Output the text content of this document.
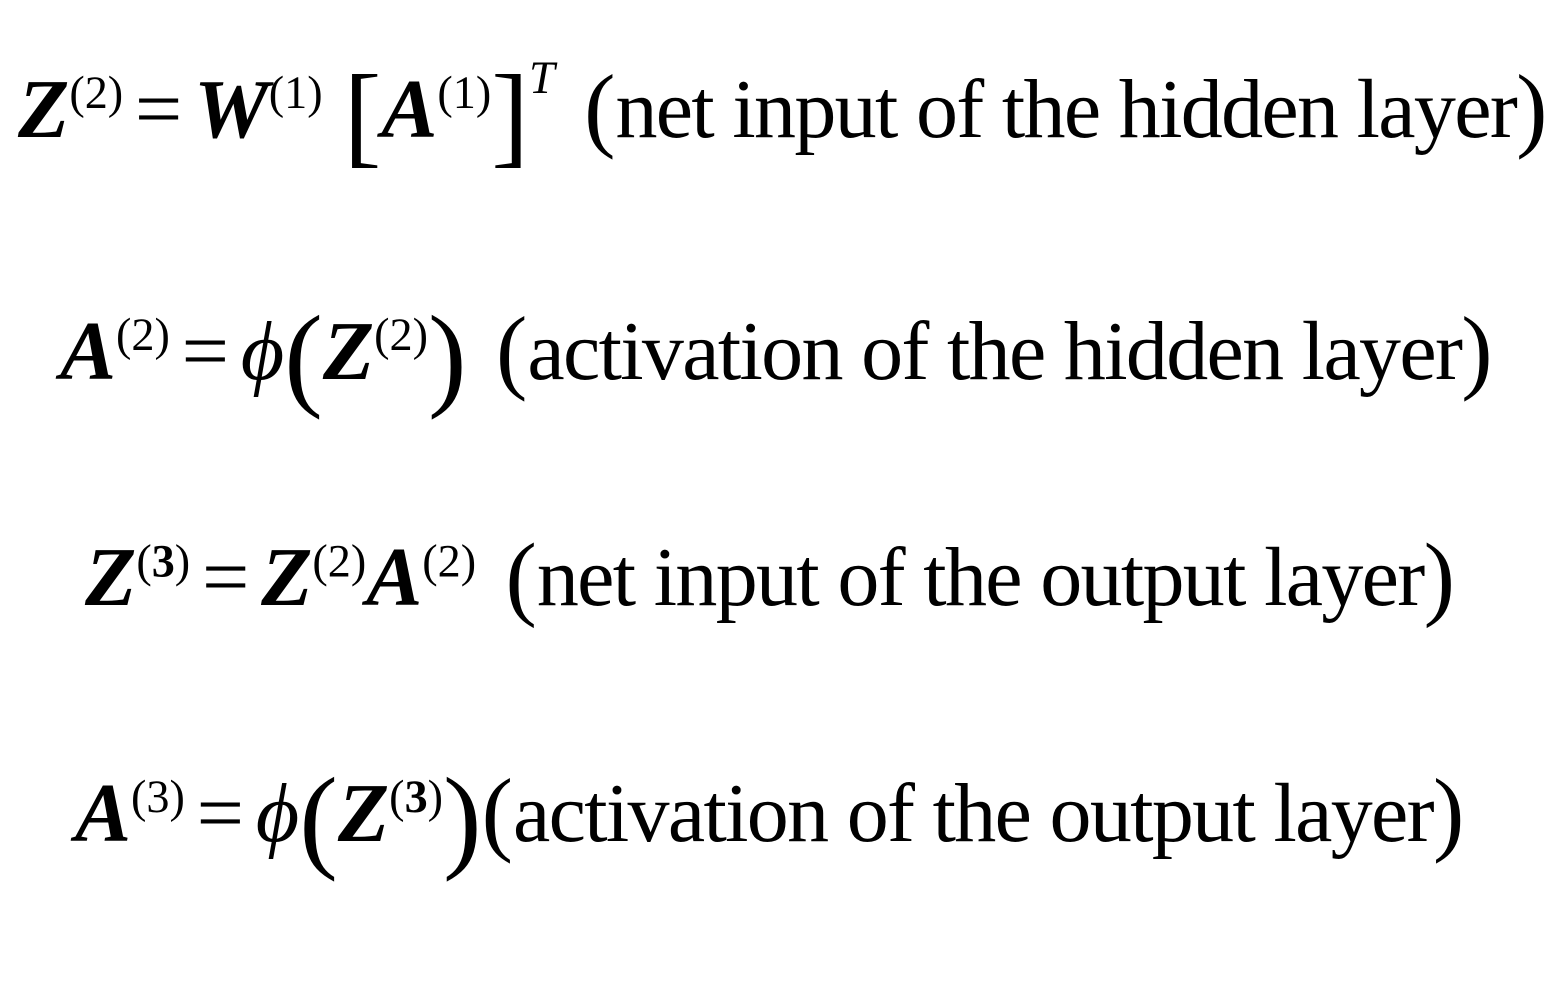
$Z^{(2)} = W^{(1)}$ $[A^{(1)}]^T$ (net input of the hidden layer)
$A^{(2)} = \phi(Z^{(2)})$ (activation of the hidden layer)
$Z^{(3)} = Z^{(2)}A^{(2)}$ (net input of the output layer)
$A^{(3)}$ = $\phi(Z^{(3)})(activation$ of the output layer)
